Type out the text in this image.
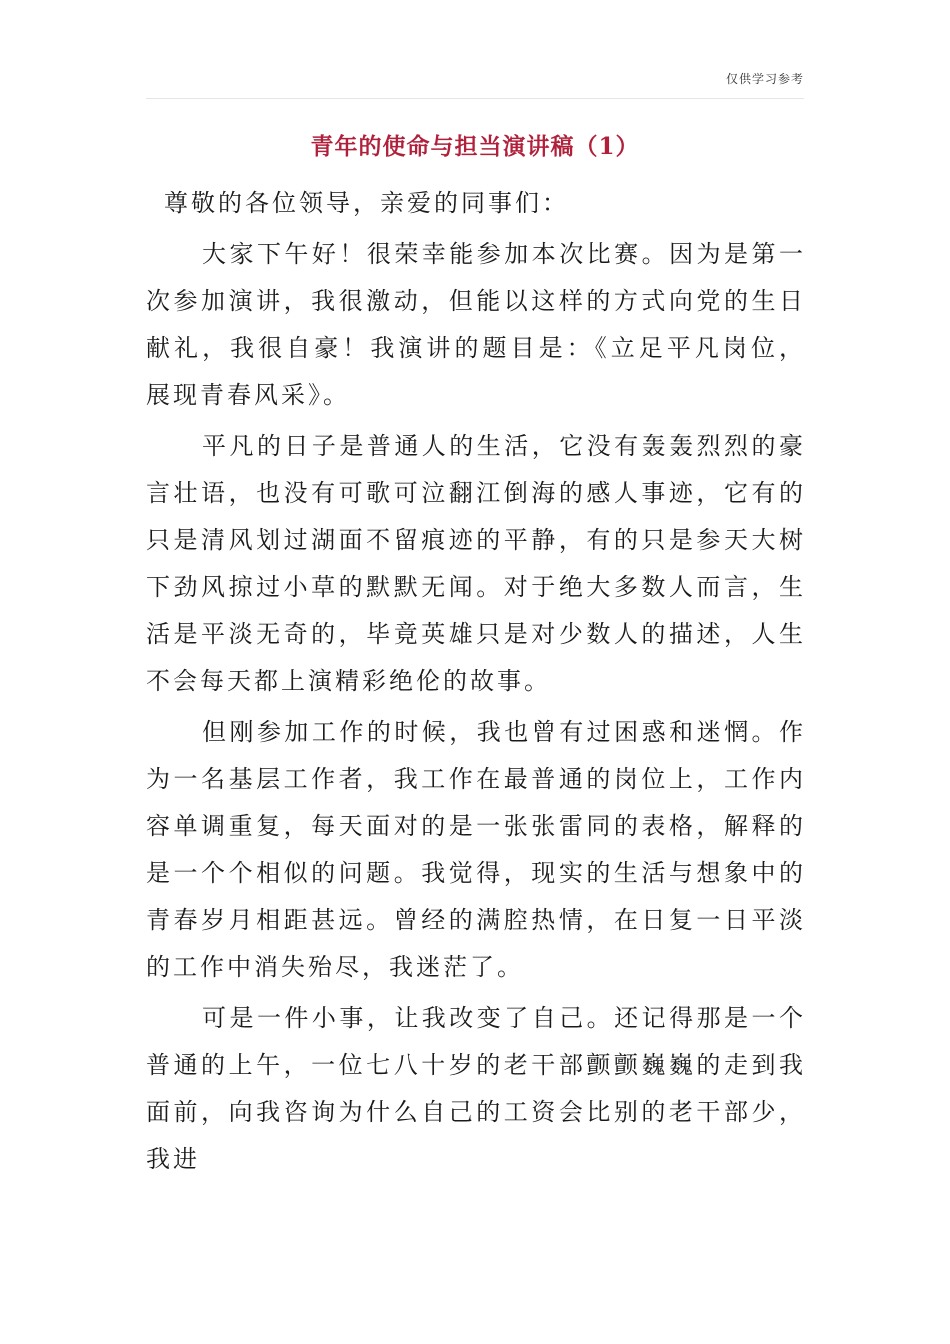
仅供学习参考
青年的使命与担当演讲稿（1）

尊敬的各位领导，亲爱的同事们：

大家下午好！很荣幸能参加本次比赛。因为是第一次参加演讲，我很激动，但能以这样的方式向党的生日献礼，我很自豪！我演讲的题目是：《立足平凡岗位，展现青春风采》。

平凡的日子是普通人的生活，它没有轰轰烈烈的豪言壮语，也没有可歌可泣翻江倒海的感人事迹，它有的只是清风划过湖面不留痕迹的平静，有的只是参天大树下劲风掠过小草的默默无闻。对于绝大多数人而言，生活是平淡无奇的，毕竟英雄只是对少数人的描述，人生不会每天都上演精彩绝伦的故事。

但刚参加工作的时候，我也曾有过困惑和迷惘。作为一名基层工作者，我工作在最普通的岗位上，工作内容单调重复，每天面对的是一张张雷同的表格，解释的是一个个相似的问题。我觉得，现实的生活与想象中的青春岁月相距甚远。曾经的满腔热情，在日复一日平淡的工作中消失殆尽，我迷茫了。

可是一件小事，让我改变了自己。还记得那是一个普通的上午，一位七八十岁的老干部颤颤巍巍的走到我面前，向我咨询为什么自己的工资会比别的老干部少，我进
